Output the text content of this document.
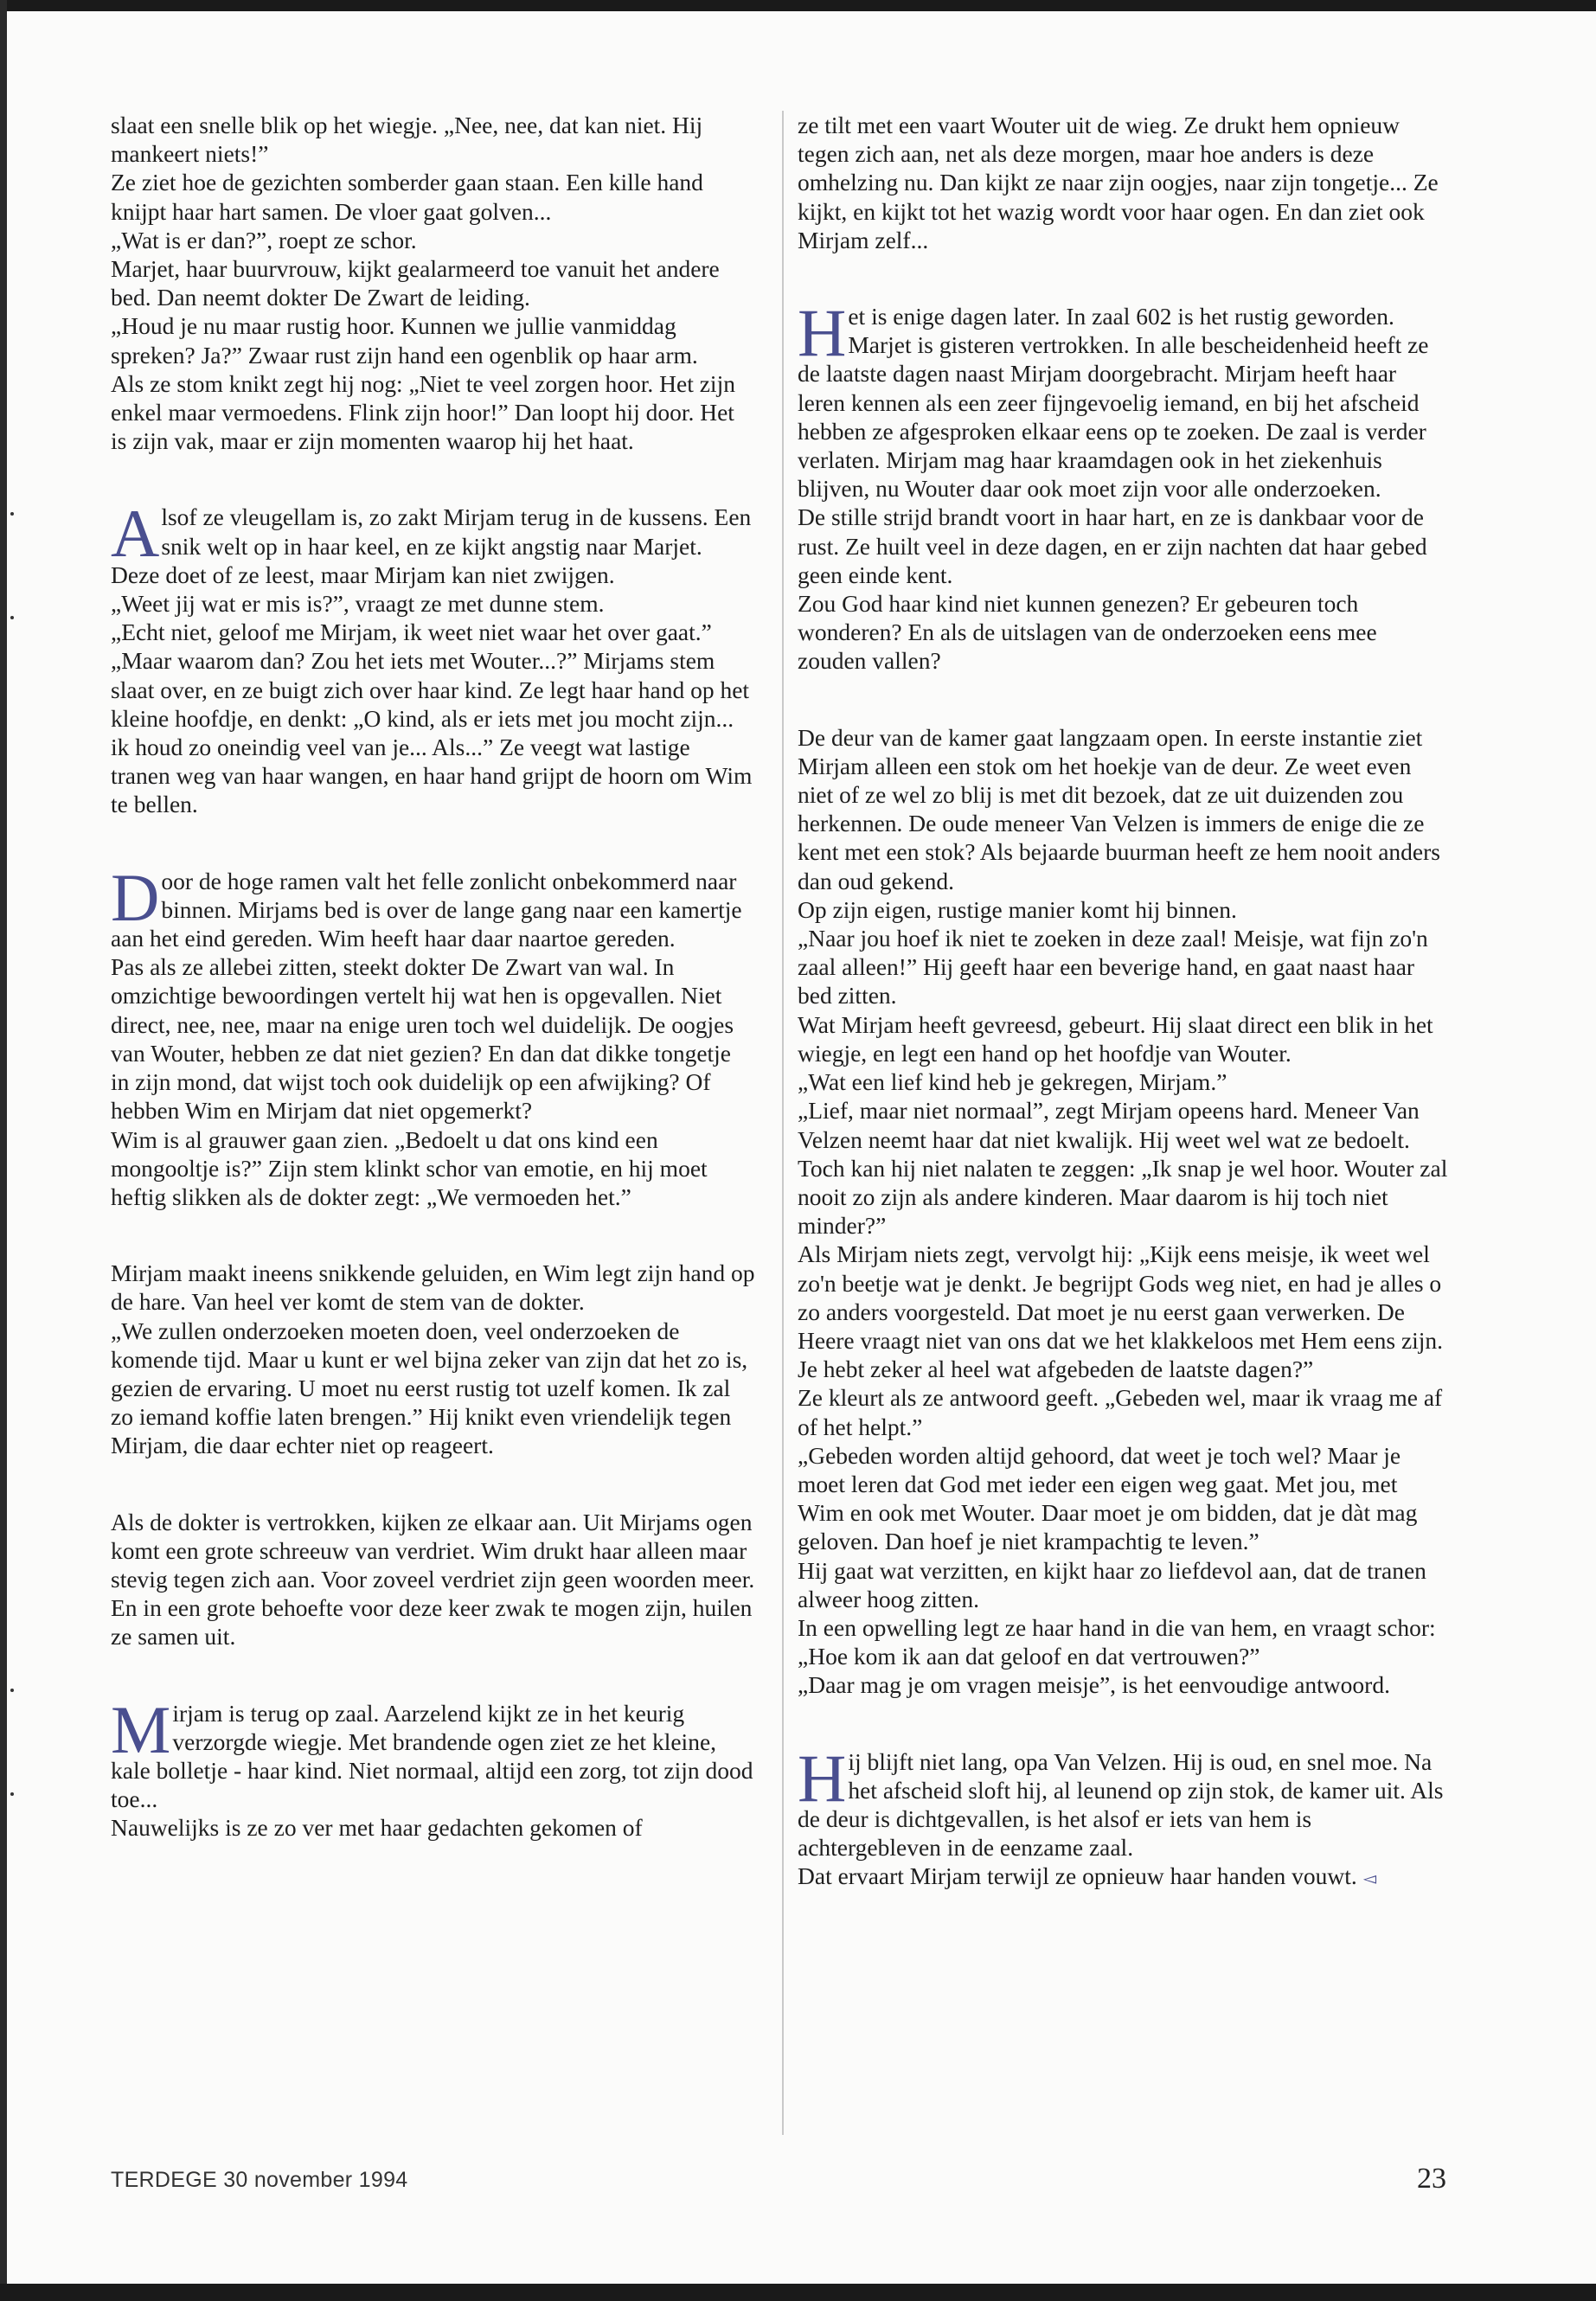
slaat een snelle blik op het wiegje. „Nee, nee, dat kan niet. Hij mankeert niets!”

Ze ziet hoe de gezichten somberder gaan staan. Een kille hand knijpt haar hart samen. De vloer gaat golven...

„Wat is er dan?”, roept ze schor.

Marjet, haar buurvrouw, kijkt gealarmeerd toe vanuit het andere bed. Dan neemt dokter De Zwart de leiding.

„Houd je nu maar rustig hoor. Kunnen we jullie vanmiddag spreken? Ja?” Zwaar rust zijn hand een ogenblik op haar arm.

Als ze stom knikt zegt hij nog: „Niet te veel zorgen hoor. Het zijn enkel maar vermoedens. Flink zijn hoor!” Dan loopt hij door. Het is zijn vak, maar er zijn momenten waarop hij het haat.

Alsof ze vleugellam is, zo zakt Mirjam terug in de kussens. Een snik welt op in haar keel, en ze kijkt angstig naar Marjet. Deze doet of ze leest, maar Mirjam kan niet zwijgen.

„Weet jij wat er mis is?”, vraagt ze met dunne stem.

„Echt niet, geloof me Mirjam, ik weet niet waar het over gaat.”

„Maar waarom dan? Zou het iets met Wouter...?” Mirjams stem slaat over, en ze buigt zich over haar kind. Ze legt haar hand op het kleine hoofdje, en denkt: „O kind, als er iets met jou mocht zijn... ik houd zo oneindig veel van je... Als...” Ze veegt wat lastige tranen weg van haar wangen, en haar hand grijpt de hoorn om Wim te bellen.

Door de hoge ramen valt het felle zonlicht onbekommerd naar binnen. Mirjams bed is over de lange gang naar een kamertje aan het eind gereden. Wim heeft haar daar naartoe gereden.

Pas als ze allebei zitten, steekt dokter De Zwart van wal. In omzichtige bewoordingen vertelt hij wat hen is opgevallen. Niet direct, nee, nee, maar na enige uren toch wel duidelijk. De oogjes van Wouter, hebben ze dat niet gezien? En dan dat dikke tongetje in zijn mond, dat wijst toch ook duidelijk op een afwijking? Of hebben Wim en Mirjam dat niet opgemerkt?

Wim is al grauwer gaan zien. „Bedoelt u dat ons kind een mongooltje is?” Zijn stem klinkt schor van emotie, en hij moet heftig slikken als de dokter zegt: „We vermoeden het.”

Mirjam maakt ineens snikkende geluiden, en Wim legt zijn hand op de hare. Van heel ver komt de stem van de dokter.

„We zullen onderzoeken moeten doen, veel onderzoeken de komende tijd. Maar u kunt er wel bijna zeker van zijn dat het zo is, gezien de ervaring. U moet nu eerst rustig tot uzelf komen. Ik zal zo iemand koffie laten brengen.” Hij knikt even vriendelijk tegen Mirjam, die daar echter niet op reageert.

Als de dokter is vertrokken, kijken ze elkaar aan. Uit Mirjams ogen komt een grote schreeuw van verdriet. Wim drukt haar alleen maar stevig tegen zich aan. Voor zoveel verdriet zijn geen woorden meer. En in een grote behoefte voor deze keer zwak te mogen zijn, huilen ze samen uit.

Mirjam is terug op zaal. Aarzelend kijkt ze in het keurig verzorgde wiegje. Met brandende ogen ziet ze het kleine, kale bolletje - haar kind. Niet normaal, altijd een zorg, tot zijn dood toe...

Nauwelijks is ze zo ver met haar gedachten gekomen of

ze tilt met een vaart Wouter uit de wieg. Ze drukt hem opnieuw tegen zich aan, net als deze morgen, maar hoe anders is deze omhelzing nu. Dan kijkt ze naar zijn oogjes, naar zijn tongetje... Ze kijkt, en kijkt tot het wazig wordt voor haar ogen. En dan ziet ook Mirjam zelf...

Het is enige dagen later. In zaal 602 is het rustig geworden. Marjet is gisteren vertrokken. In alle bescheidenheid heeft ze de laatste dagen naast Mirjam doorgebracht. Mirjam heeft haar leren kennen als een zeer fijngevoelig iemand, en bij het afscheid hebben ze afgesproken elkaar eens op te zoeken. De zaal is verder verlaten. Mirjam mag haar kraamdagen ook in het ziekenhuis blijven, nu Wouter daar ook moet zijn voor alle onderzoeken.

De stille strijd brandt voort in haar hart, en ze is dankbaar voor de rust. Ze huilt veel in deze dagen, en er zijn nachten dat haar gebed geen einde kent.

Zou God haar kind niet kunnen genezen? Er gebeuren toch wonderen? En als de uitslagen van de onderzoeken eens mee zouden vallen?

De deur van de kamer gaat langzaam open. In eerste instantie ziet Mirjam alleen een stok om het hoekje van de deur. Ze weet even niet of ze wel zo blij is met dit bezoek, dat ze uit duizenden zou herkennen. De oude meneer Van Velzen is immers de enige die ze kent met een stok? Als bejaarde buurman heeft ze hem nooit anders dan oud gekend.

Op zijn eigen, rustige manier komt hij binnen.

„Naar jou hoef ik niet te zoeken in deze zaal! Meisje, wat fijn zo'n zaal alleen!” Hij geeft haar een beverige hand, en gaat naast haar bed zitten.

Wat Mirjam heeft gevreesd, gebeurt. Hij slaat direct een blik in het wiegje, en legt een hand op het hoofdje van Wouter.

„Wat een lief kind heb je gekregen, Mirjam.”

„Lief, maar niet normaal”, zegt Mirjam opeens hard. Meneer Van Velzen neemt haar dat niet kwalijk. Hij weet wel wat ze bedoelt. Toch kan hij niet nalaten te zeggen: „Ik snap je wel hoor. Wouter zal nooit zo zijn als andere kinderen. Maar daarom is hij toch niet minder?”

Als Mirjam niets zegt, vervolgt hij: „Kijk eens meisje, ik weet wel zo'n beetje wat je denkt. Je begrijpt Gods weg niet, en had je alles o zo anders voorgesteld. Dat moet je nu eerst gaan verwerken. De Heere vraagt niet van ons dat we het klakkeloos met Hem eens zijn. Je hebt zeker al heel wat afgebeden de laatste dagen?”

Ze kleurt als ze antwoord geeft. „Gebeden wel, maar ik vraag me af of het helpt.”

„Gebeden worden altijd gehoord, dat weet je toch wel? Maar je moet leren dat God met ieder een eigen weg gaat. Met jou, met Wim en ook met Wouter. Daar moet je om bidden, dat je dàt mag geloven. Dan hoef je niet krampachtig te leven.”

Hij gaat wat verzitten, en kijkt haar zo liefdevol aan, dat de tranen alweer hoog zitten.

In een opwelling legt ze haar hand in die van hem, en vraagt schor: „Hoe kom ik aan dat geloof en dat vertrouwen?”

„Daar mag je om vragen meisje”, is het eenvoudige antwoord.

Hij blijft niet lang, opa Van Velzen. Hij is oud, en snel moe. Na het afscheid sloft hij, al leunend op zijn stok, de kamer uit. Als de deur is dichtgevallen, is het alsof er iets van hem is achtergebleven in de eenzame zaal.

Dat ervaart Mirjam terwijl ze opnieuw haar handen vouwt. ◅

TERDEGE 30 november 1994	23
